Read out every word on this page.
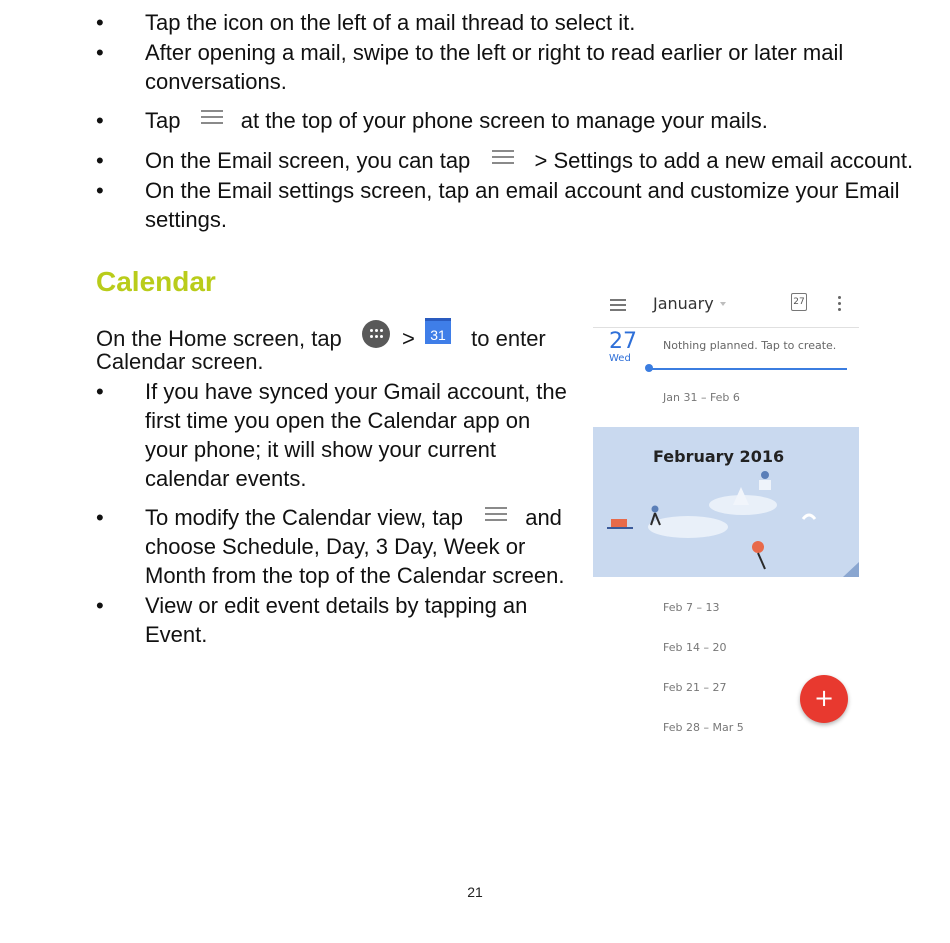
• Tap the icon on the left of a mail thread to select it.
• After opening a mail, swipe to the left or right to read earlier or later mail
conversations.
• Tap	at the top of your phone screen to manage your mails.
• On the Email screen, you can tap	> Settings to add a new email account.
• On the Email settings screen, tap an email account and customize your Email
settings.
Calendar
On the Home screen, tap	> 31 to enter
Calendar screen.
• If you have synced your Gmail account, the
first time you open the Calendar app on
your phone; it will show your current
calendar events.
• To modify the Calendar view, tap	and
choose Schedule, Day, 3 Day, Week or
Month from the top of the Calendar screen.
• View or edit event details by tapping an
Event.
January	27
27
Wed
Nothing planned. Tap to create.
Jan 31 – Feb 6
February 2016
Feb 7 – 13
Feb 14 – 20
Feb 21 – 27
Feb 28 – Mar 5
+
21
